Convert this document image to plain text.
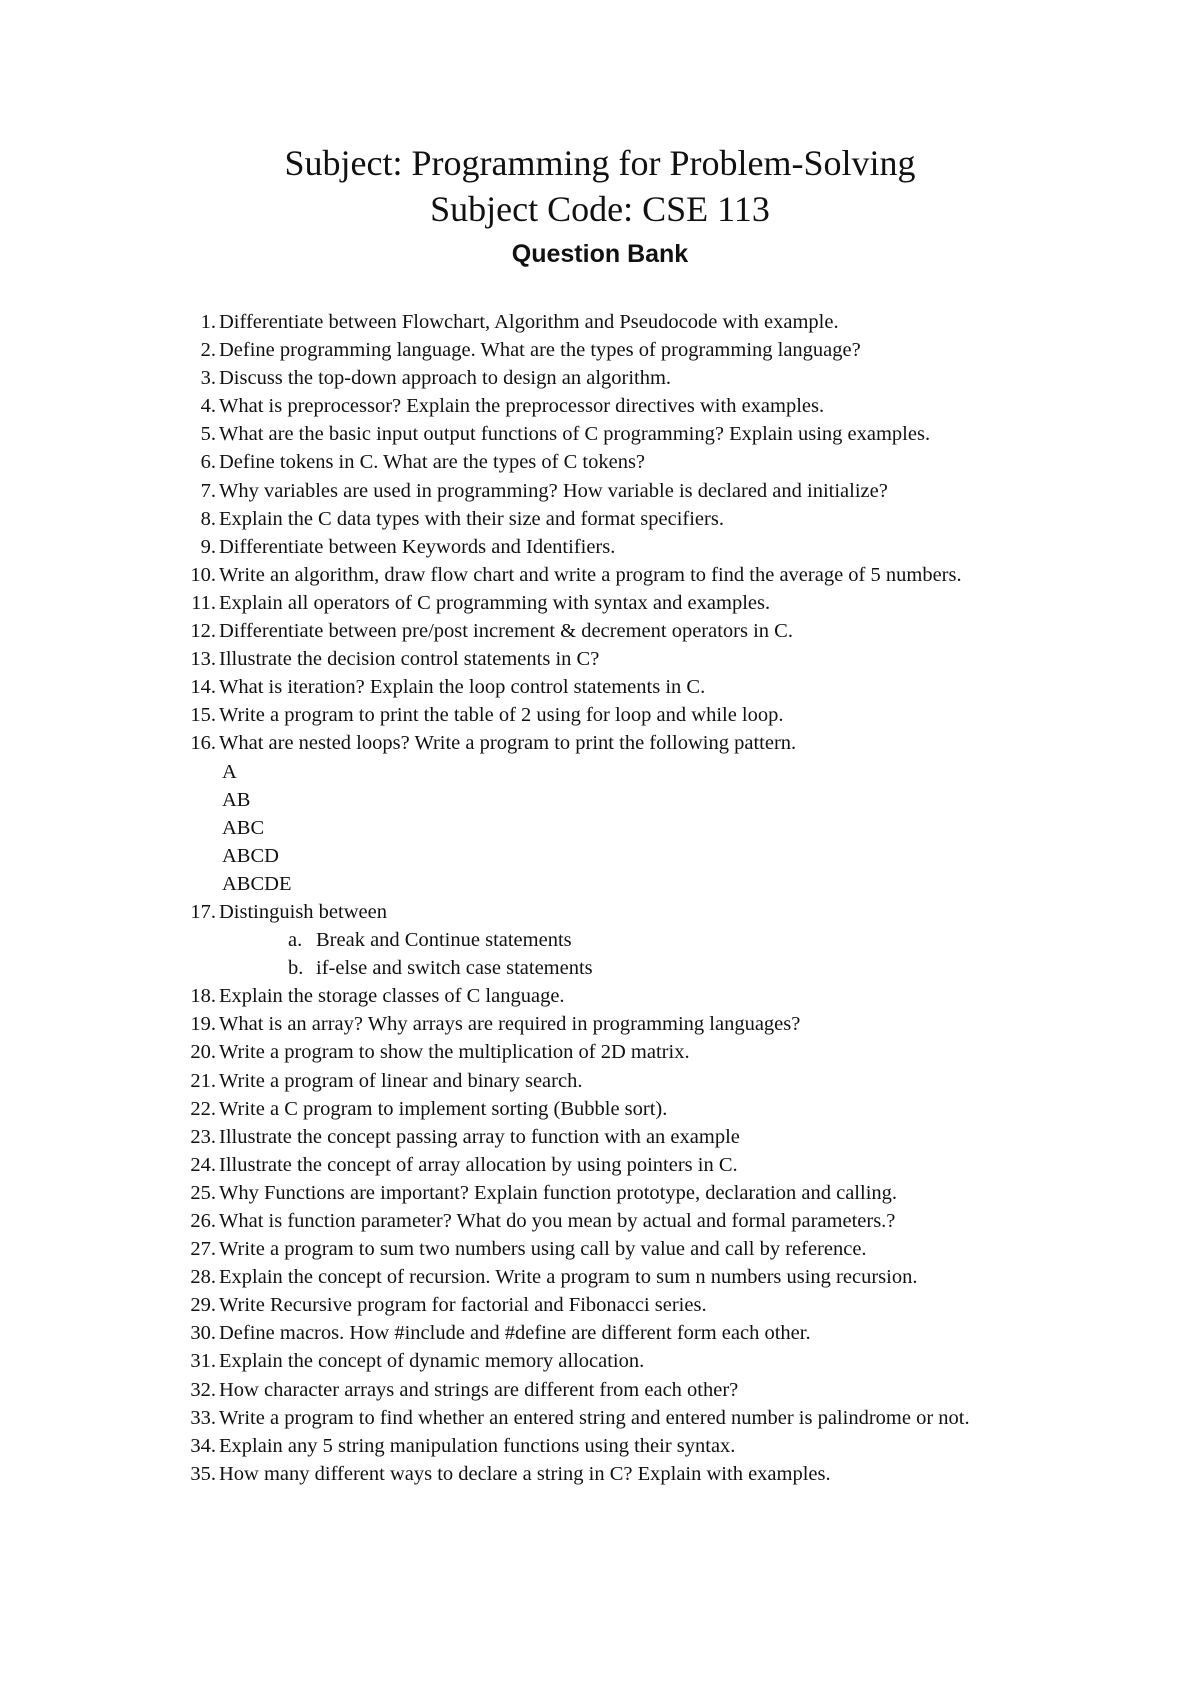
Subject: Programming for Problem-Solving
Subject Code: CSE 113
Question Bank
1. Differentiate between Flowchart, Algorithm and Pseudocode with example.
2. Define programming language. What are the types of programming language?
3. Discuss the top-down approach to design an algorithm.
4. What is preprocessor? Explain the preprocessor directives with examples.
5. What are the basic input output functions of C programming? Explain using examples.
6. Define tokens in C. What are the types of C tokens?
7. Why variables are used in programming? How variable is declared and initialize?
8. Explain the C data types with their size and format specifiers.
9. Differentiate between Keywords and Identifiers.
10. Write an algorithm, draw flow chart and write a program to find the average of 5 numbers.
11. Explain all operators of C programming with syntax and examples.
12. Differentiate between pre/post increment & decrement operators in C.
13. Illustrate the decision control statements in C?
14. What is iteration? Explain the loop control statements in C.
15. Write a program to print the table of 2 using for loop and while loop.
16. What are nested loops? Write a program to print the following pattern.
A
AB
ABC
ABCD
ABCDE
17. Distinguish between
a. Break and Continue statements
b. if-else and switch case statements
18. Explain the storage classes of C language.
19. What is an array? Why arrays are required in programming languages?
20. Write a program to show the multiplication of 2D matrix.
21. Write a program of linear and binary search.
22. Write a C program to implement sorting (Bubble sort).
23. Illustrate the concept passing array to function with an example
24. Illustrate the concept of array allocation by using pointers in C.
25. Why Functions are important? Explain function prototype, declaration and calling.
26. What is function parameter? What do you mean by actual and formal parameters.?
27. Write a program to sum two numbers using call by value and call by reference.
28. Explain the concept of recursion. Write a program to sum n numbers using recursion.
29. Write Recursive program for factorial and Fibonacci series.
30. Define macros. How #include and #define are different form each other.
31. Explain the concept of dynamic memory allocation.
32. How character arrays and strings are different from each other?
33. Write a program to find whether an entered string and entered number is palindrome or not.
34. Explain any 5 string manipulation functions using their syntax.
35. How many different ways to declare a string in C? Explain with examples.
